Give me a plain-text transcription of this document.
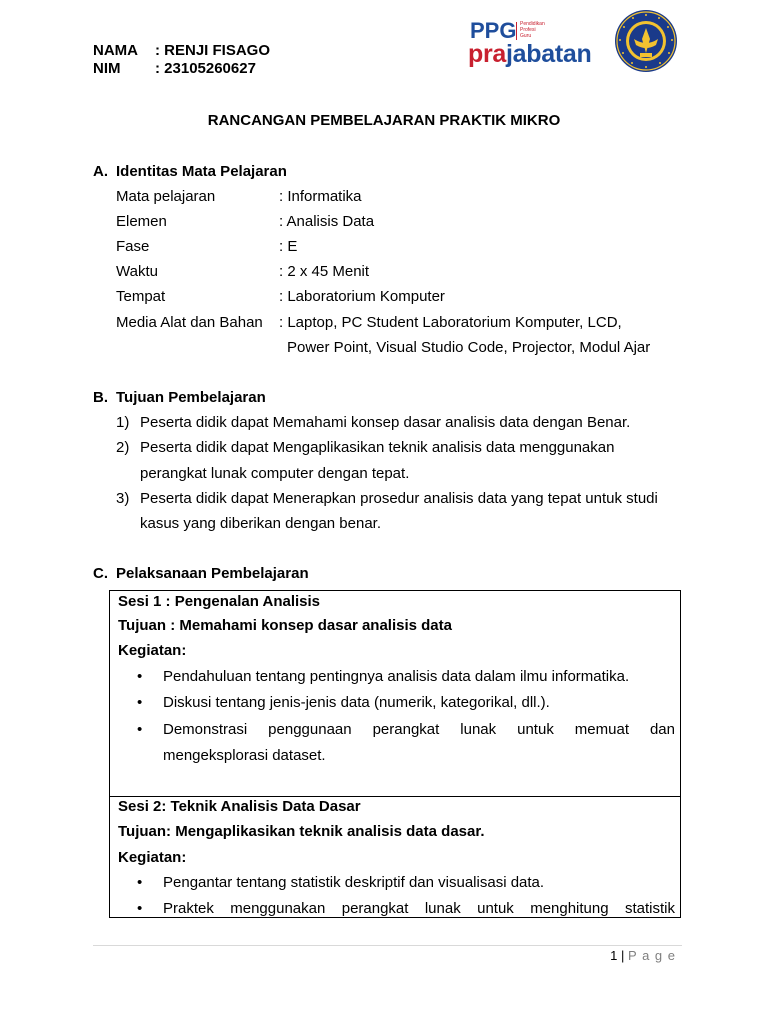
NAMA : RENJI FISAGO
NIM : 23105260627
PPG Pendidikan
Profesi
Guru
prajabatan
RANCANGAN PEMBELAJARAN PRAKTIK MIKRO
A. Identitas Mata Pelajaran
Mata pelajaran	: Informatika
Elemen	: Analisis Data
Fase	: E
Waktu	: 2 x 45 Menit
Tempat	: Laboratorium Komputer
Media Alat dan Bahan : Laptop, PC Student Laboratorium Komputer, LCD,
Power Point, Visual Studio Code, Projector, Modul Ajar
B. Tujuan Pembelajaran
1) Peserta didik dapat Memahami konsep dasar analisis data dengan Benar.
2) Peserta didik dapat Mengaplikasikan teknik analisis data menggunakan
perangkat lunak computer dengan tepat.
3) Peserta didik dapat Menerapkan prosedur analisis data yang tepat untuk studi
kasus yang diberikan dengan benar.
C. Pelaksanaan Pembelajaran
Sesi 1 : Pengenalan Analisis
Tujuan : Memahami konsep dasar analisis data
Kegiatan:
• Pendahuluan tentang pentingnya analisis data dalam ilmu informatika.
• Diskusi tentang jenis-jenis data (numerik, kategorikal, dll.).
• Demonstrasi penggunaan perangkat lunak untuk memuat dan
mengeksplorasi dataset.
Sesi 2: Teknik Analisis Data Dasar
Tujuan: Mengaplikasikan teknik analisis data dasar.
Kegiatan:
• Pengantar tentang statistik deskriptif dan visualisasi data.
• Praktek menggunakan perangkat lunak untuk menghitung statistik
1 | P a g e
